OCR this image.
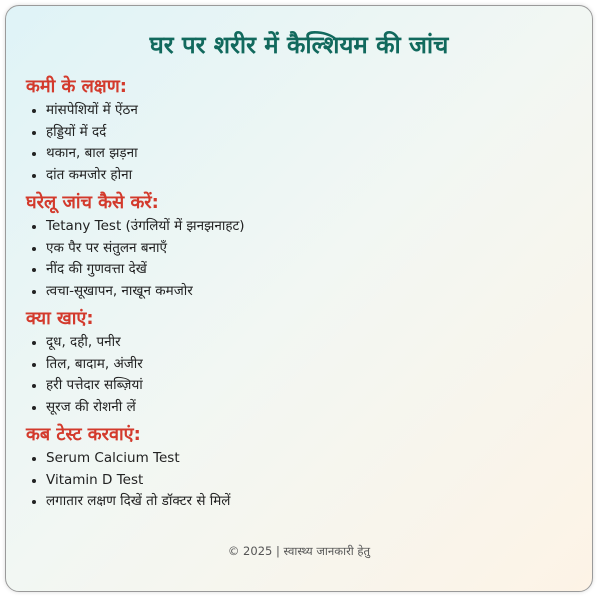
घर पर शरीर में कैल्शियम की जांच
कमी के लक्षण:
मांसपेशियों में ऐंठन
हड्डियों में दर्द
थकान, बाल झड़ना
दांत कमजोर होना
घरेलू जांच कैसे करें:
Tetany Test (उंगलियों में झनझनाहट)
एक पैर पर संतुलन बनाएँ
नींद की गुणवत्ता देखें
त्वचा-सूखापन, नाखून कमजोर
क्या खाएं:
दूध, दही, पनीर
तिल, बादाम, अंजीर
हरी पत्तेदार सब्ज़ियां
सूरज की रोशनी लें
कब टेस्ट करवाएं:
Serum Calcium Test
Vitamin D Test
लगातार लक्षण दिखें तो डॉक्टर से मिलें
© 2025 | स्वास्थ्य जानकारी हेतु
